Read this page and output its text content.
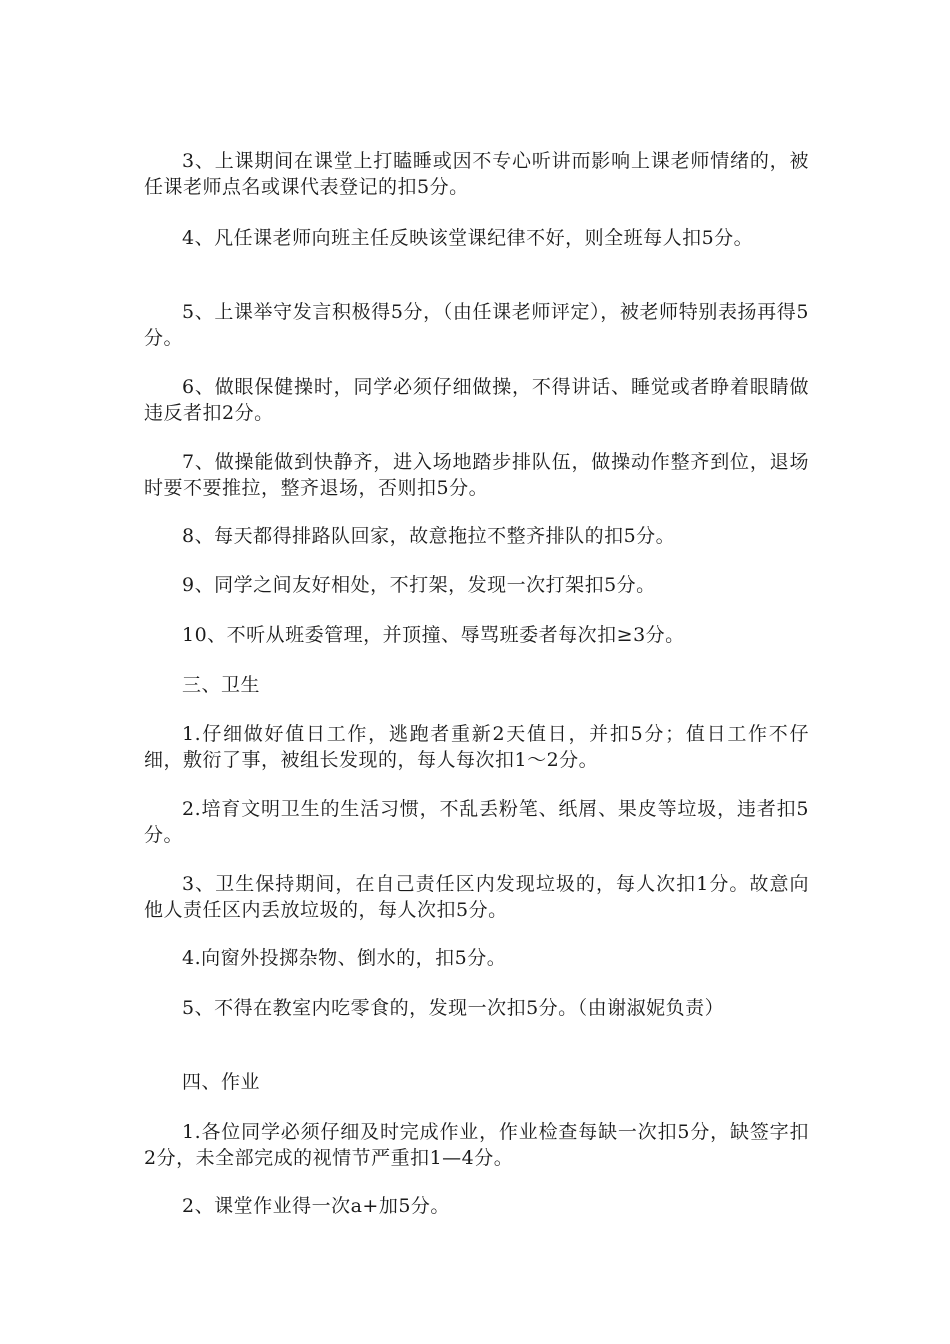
3、上课期间在课堂上打瞌睡或因不专心听讲而影响上课老师情绪的，被任课老师点名或课代表登记的扣5分。

4、凡任课老师向班主任反映该堂课纪律不好，则全班每人扣5分。

5、上课举守发言积极得5分，（由任课老师评定），被老师特别表扬再得5分。

6、做眼保健操时，同学必须仔细做操，不得讲话、睡觉或者睁着眼睛做违反者扣2分。

7、做操能做到快静齐，进入场地踏步排队伍，做操动作整齐到位，退场时要不要推拉，整齐退场，否则扣5分。

8、每天都得排路队回家，故意拖拉不整齐排队的扣5分。

9、同学之间友好相处，不打架，发现一次打架扣5分。

10、不听从班委管理，并顶撞、辱骂班委者每次扣≥3分。

三、卫生

1.仔细做好值日工作，逃跑者重新2天值日，并扣5分；值日工作不仔细，敷衍了事，被组长发现的，每人每次扣1～2分。

2.培育文明卫生的生活习惯，不乱丢粉笔、纸屑、果皮等垃圾，违者扣5分。

3、卫生保持期间，在自己责任区内发现垃圾的，每人次扣1分。故意向他人责任区内丢放垃圾的，每人次扣5分。

4.向窗外投掷杂物、倒水的，扣5分。

5、不得在教室内吃零食的，发现一次扣5分。（由谢淑妮负责）

四、作业

1.各位同学必须仔细及时完成作业，作业检查每缺一次扣5分，缺签字扣2分，未全部完成的视情节严重扣1—4分。

2、课堂作业得一次a+加5分。
